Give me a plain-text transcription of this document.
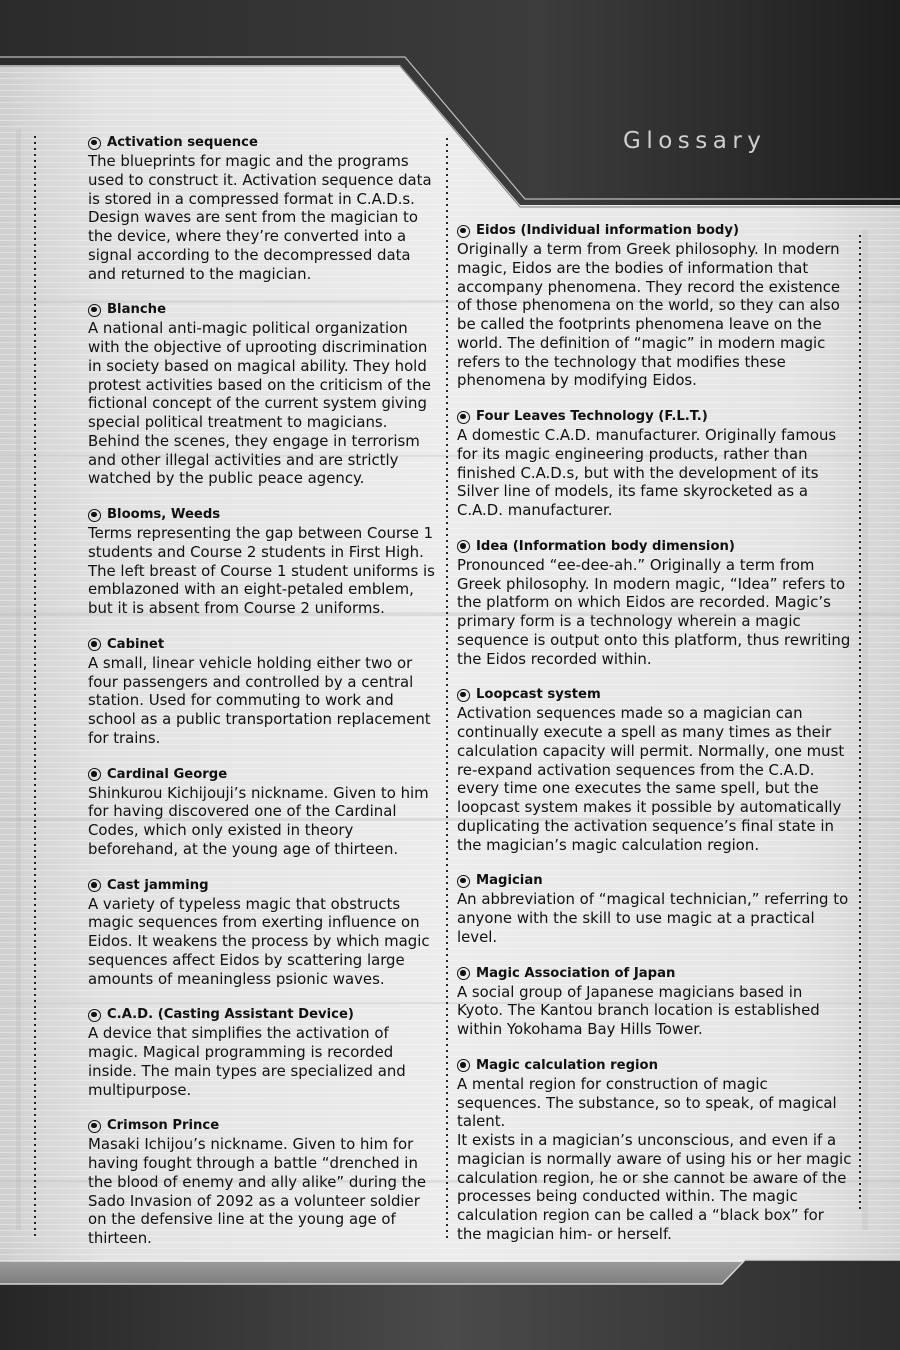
Glossary
Activation sequence

The blueprints for magic and the programs used to construct it. Activation sequence data is stored in a compressed format in C.A.D.s. Design waves are sent from the magician to the device, where they’re converted into a signal according to the decompressed data and returned to the magician.

Blanche

A national anti-magic political organization with the objective of uprooting discrimination in society based on magical ability. They hold protest activities based on the criticism of the fictional concept of the current system giving special political treatment to magicians. Behind the scenes, they engage in terrorism and other illegal activities and are strictly watched by the public peace agency.

Blooms, Weeds

Terms representing the gap between Course 1 students and Course 2 students in First High. The left breast of Course 1 student uniforms is emblazoned with an eight-petaled emblem, but it is absent from Course 2 uniforms.

Cabinet

A small, linear vehicle holding either two or four passengers and controlled by a central station. Used for commuting to work and school as a public transportation replacement for trains.

Cardinal George

Shinkurou Kichijouji’s nickname. Given to him for having discovered one of the Cardinal Codes, which only existed in theory beforehand, at the young age of thirteen.

Cast jamming

A variety of typeless magic that obstructs magic sequences from exerting influence on Eidos. It weakens the process by which magic sequences affect Eidos by scattering large amounts of meaningless psionic waves.

C.A.D. (Casting Assistant Device)

A device that simplifies the activation of magic. Magical programming is recorded inside. The main types are specialized and multipurpose.

Crimson Prince

Masaki Ichijou’s nickname. Given to him for having fought through a battle “drenched in the blood of enemy and ally alike” during the Sado Invasion of 2092 as a volunteer soldier on the defensive line at the young age of thirteen.

Eidos (Individual information body)

Originally a term from Greek philosophy. In modern magic, Eidos are the bodies of information that accompany phenomena. They record the existence of those phenomena on the world, so they can also be called the footprints phenomena leave on the world. The definition of “magic” in modern magic refers to the technology that modifies these phenomena by modifying Eidos.

Four Leaves Technology (F.L.T.)

A domestic C.A.D. manufacturer. Originally famous for its magic engineering products, rather than finished C.A.D.s, but with the development of its Silver line of models, its fame skyrocketed as a C.A.D. manufacturer.

Idea (Information body dimension)

Pronounced “ee-dee-ah.” Originally a term from Greek philosophy. In modern magic, “Idea” refers to the platform on which Eidos are recorded. Magic’s primary form is a technology wherein a magic sequence is output onto this platform, thus rewriting the Eidos recorded within.

Loopcast system

Activation sequences made so a magician can continually execute a spell as many times as their calculation capacity will permit. Normally, one must re-expand activation sequences from the C.A.D. every time one executes the same spell, but the loopcast system makes it possible by automatically duplicating the activation sequence’s final state in the magician’s magic calculation region.

Magician

An abbreviation of “magical technician,” referring to anyone with the skill to use magic at a practical level.

Magic Association of Japan

A social group of Japanese magicians based in Kyoto. The Kantou branch location is established within Yokohama Bay Hills Tower.

Magic calculation region

A mental region for construction of magic sequences. The substance, so to speak, of magical talent.

It exists in a magician’s unconscious, and even if a magician is normally aware of using his or her magic calculation region, he or she cannot be aware of the processes being conducted within. The magic calculation region can be called a “black box” for the magician him- or herself.
